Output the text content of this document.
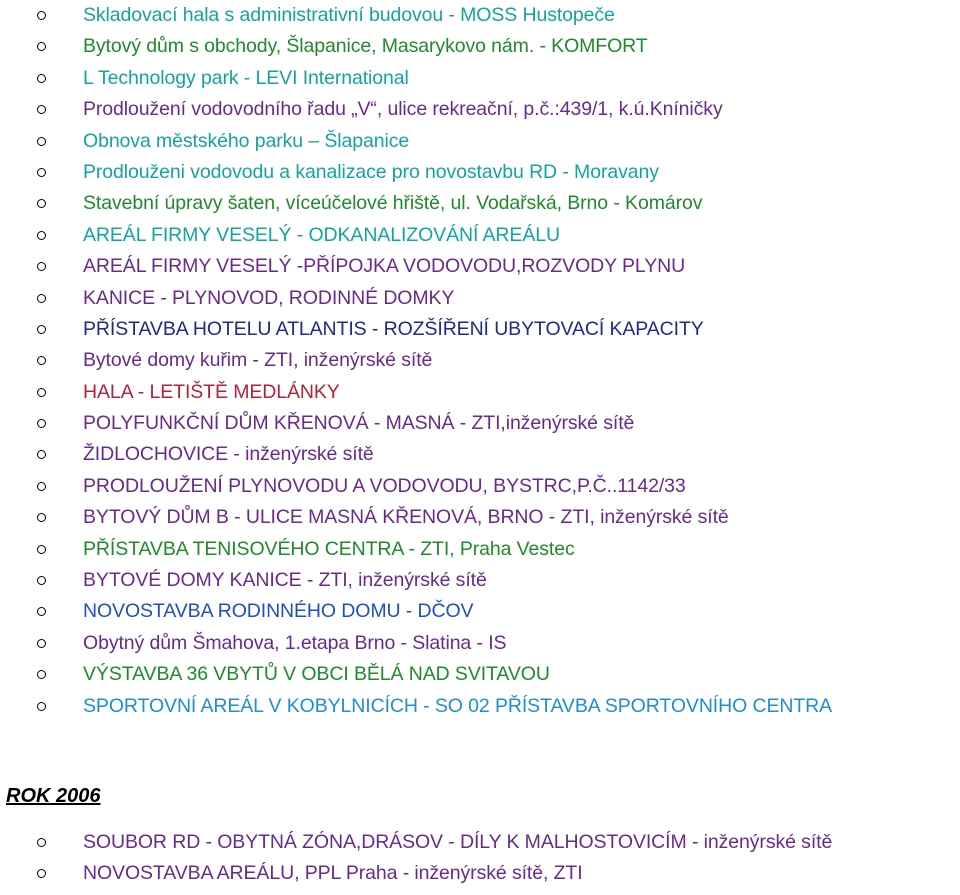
Skladovací hala s administrativní budovou - MOSS Hustopeče
Bytový dům s obchody, Šlapanice, Masarykovo nám. - KOMFORT
L Technology park - LEVI International
Prodloužení vodovodního řadu „V“, ulice rekreační, p.č.:439/1, k.ú.Kníničky
Obnova městského parku – Šlapanice
Prodlouženi vodovodu a kanalizace pro novostavbu RD - Moravany
Stavební úpravy šaten, víceúčelové hřiště, ul. Vodařská, Brno - Komárov
AREÁL FIRMY VESELÝ - ODKANALIZOVÁNÍ AREÁLU
AREÁL FIRMY VESELÝ -PŘÍPOJKA VODOVODU,ROZVODY PLYNU
KANICE - PLYNOVOD, RODINNÉ DOMKY
PŘÍSTAVBA HOTELU ATLANTIS - ROZŠÍŘENÍ UBYTOVACÍ KAPACITY
Bytové domy kuřim - ZTI, inženýrské sítě
HALA - LETIŠTĚ MEDLÁNKY
POLYFUNKČNÍ DŮM KŘENOVÁ - MASNÁ - ZTI,inženýrské sítě
ŽIDLOCHOVICE - inženýrské sítě
PRODLOUŽENÍ PLYNOVODU A VODOVODU, BYSTRC,P.Č..1142/33
BYTOVÝ DŮM B - ULICE MASNÁ KŘENOVÁ, BRNO - ZTI, inženýrské sítě
PŘÍSTAVBA TENISOVÉHO CENTRA - ZTI, Praha Vestec
BYTOVÉ DOMY KANICE - ZTI, inženýrské sítě
NOVOSTAVBA RODINNÉHO DOMU - DČOV
Obytný dům Šmahova, 1.etapa Brno - Slatina - IS
VÝSTAVBA 36 VBYTŮ V OBCI BĚLÁ NAD SVITAVOU
SPORTOVNÍ AREÁL V KOBYLNICÍCH - SO 02 PŘÍSTAVBA SPORTOVNÍHO CENTRA
ROK 2006
SOUBOR RD - OBYTNÁ ZÓNA,DRÁSOV - DÍLY K MALHOSTOVICÍM - inženýrské sítě
NOVOSTAVBA AREÁLU, PPL Praha - inženýrské sítě, ZTI
